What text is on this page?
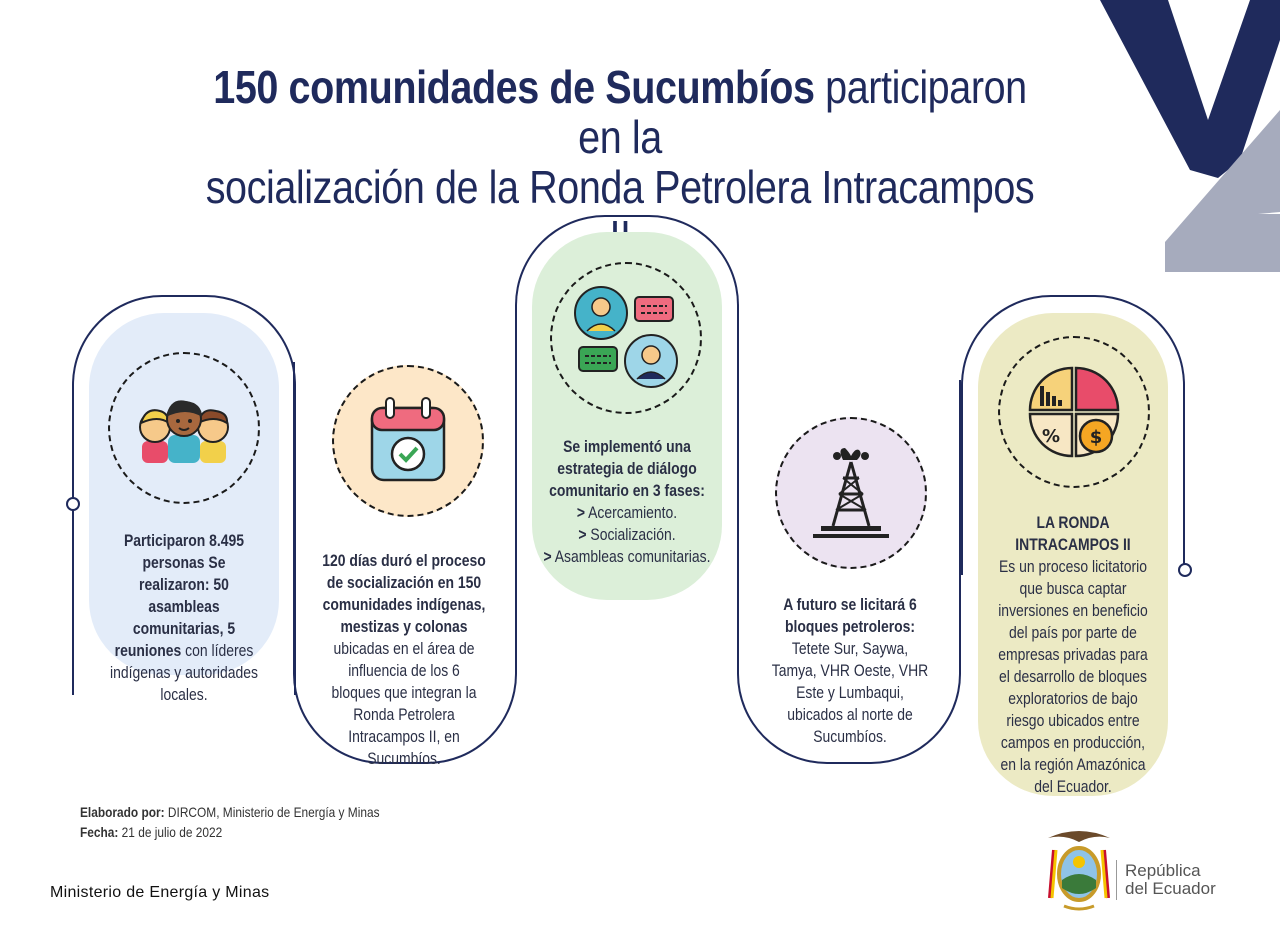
150 comunidades de Sucumbíos participaron en la
socialización de la Ronda Petrolera Intracampos
Participaron 8.495 personas Se realizaron: 50 asambleas comunitarias, 5 reuniones con líderes indígenas y autoridades locales.
120 días duró el proceso de socialización en 150 comunidades indígenas, mestizas y colonas ubicadas en el área de influencia de los 6 bloques que integran la Ronda Petrolera Intracampos II, en Sucumbíos.
Se implementó una estrategia de diálogo comunitario en 3 fases:
> Acercamiento.
> Socialización.
> Asambleas comunitarias.
A futuro se licitará 6 bloques petroleros: Tetete Sur, Saywa, Tamya, VHR Oeste, VHR Este y Lumbaqui, ubicados al norte de Sucumbíos.
% $
LA RONDA INTRACAMPOS II
Es un proceso licitatorio que busca captar inversiones en beneficio del país por parte de empresas privadas para el desarrollo de bloques exploratorios de bajo riesgo ubicados entre campos en producción, en la región Amazónica del Ecuador.
Elaborado por: DIRCOM, Ministerio de Energía y Minas
Fecha: 21 de julio de 2022
Ministerio de Energía y Minas
República
del Ecuador
